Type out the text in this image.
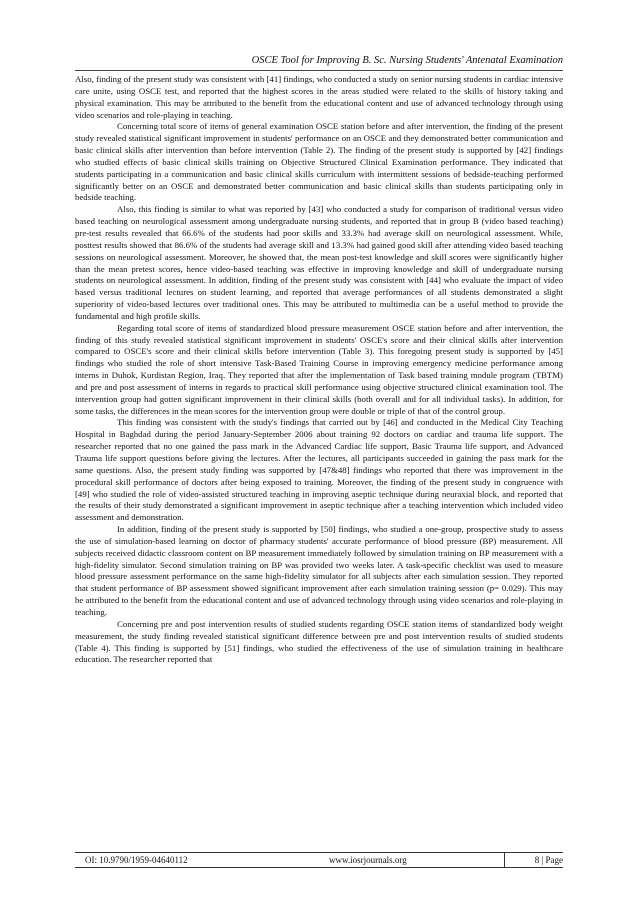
OSCE Tool for Improving B. Sc. Nursing Students' Antenatal Examination

Also, finding of the present study was consistent with [41] findings, who conducted a study on senior nursing students in cardiac intensive care unite, using OSCE test, and reported that the highest scores in the areas studied were related to the skills of history taking and physical examination. This may be attributed to the benefit from the educational content and use of advanced technology through using video scenarios and role-playing in teaching.

Concerning total score of items of general examination OSCE station before and after intervention, the finding of the present study revealed statistical significant improvement in students' performance on an OSCE and they demonstrated better communication and basic clinical skills after intervention than before intervention (Table 2). The finding of the present study is supported by [42] findings who studied effects of basic clinical skills training on Objective Structured Clinical Examination performance. They indicated that students participating in a communication and basic clinical skills curriculum with intermittent sessions of bedside-teaching performed significantly better on an OSCE and demonstrated better communication and basic clinical skills than students participating only in bedside teaching.

Also, this finding is similar to what was reported by [43] who conducted a study for comparison of traditional versus video based teaching on neurological assessment among undergraduate nursing students, and reported that in group B (video based teaching) pre-test results revealed that 66.6% of the students had poor skills and 33.3% had average skill on neurological assessment. While, posttest results showed that 86.6% of the students had average skill and 13.3% had gained good skill after attending video based teaching sessions on neurological assessment. Moreover, he showed that, the mean post-test knowledge and skill scores were significantly higher than the mean pretest scores, hence video-based teaching was effective in improving knowledge and skill of undergraduate nursing students on neurological assessment. In addition, finding of the present study was consistent with [44] who evaluate the impact of video based versus traditional lectures on student learning, and reported that average performances of all students demonstrated a slight superiority of video-based lectures over traditional ones. This may be attributed to multimedia can be a useful method to provide the fundamental and high profile skills.

Regarding total score of items of standardized blood pressure measurement OSCE station before and after intervention, the finding of this study revealed statistical significant improvement in students' OSCE's score and their clinical skills after intervention compared to OSCE's score and their clinical skills before intervention (Table 3). This foregoing present study is supported by [45] findings who studied the role of short intensive Task-Based Training Course in improving emergency medicine performance among interns in Duhok, Kurdistan Region, Iraq. They reported that after the implementation of Task based training module program (TBTM) and pre and post assessment of interns in regards to practical skill performance using objective structured clinical examination tool. The intervention group had gotten significant improvement in their clinical skills (both overall and for all individual tasks). In addition, for some tasks, the differences in the mean scores for the intervention group were double or triple of that of the control group.

This finding was consistent with the study's findings that carried out by [46] and conducted in the Medical City Teaching Hospital in Baghdad during the period January-September 2006 about training 92 doctors on cardiac and trauma life support. The researcher reported that no one gained the pass mark in the Advanced Cardiac life support, Basic Trauma life support, and Advanced Trauma life support questions before giving the lectures. After the lectures, all participants succeeded in gaining the pass mark for the same questions. Also, the present study finding was supported by [47&48] findings who reported that there was improvement in the procedural skill performance of doctors after being exposed to training. Moreover, the finding of the present study in congruence with [49] who studied the role of video-assisted structured teaching in improving aseptic technique during neuraxial block, and reported that the results of their study demonstrated a significant improvement in aseptic technique after a teaching intervention which included video assessment and demonstration.

In addition, finding of the present study is supported by [50] findings, who studied a one-group, prospective study to assess the use of simulation-based learning on doctor of pharmacy students' accurate performance of blood pressure (BP) measurement. All subjects received didactic classroom content on BP measurement immediately followed by simulation training on BP measurement with a high-fidelity simulator. Second simulation training on BP was provided two weeks later. A task-specific checklist was used to measure blood pressure assessment performance on the same high-fidelity simulator for all subjects after each simulation session. They reported that student performance of BP assessment showed significant improvement after each simulation training session (p= 0.029). This may be attributed to the benefit from the educational content and use of advanced technology through using video scenarios and role-playing in teaching.

Concerning pre and post intervention results of studied students regarding OSCE station items of standardized body weight measurement, the study finding revealed statistical significant difference between pre and post intervention results of studied students (Table 4). This finding is supported by [51] findings, who studied the effectiveness of the use of simulation training in healthcare education. The researcher reported that

OI: 10.9790/1959-04640112	www.iosrjournals.org	8 | Page
